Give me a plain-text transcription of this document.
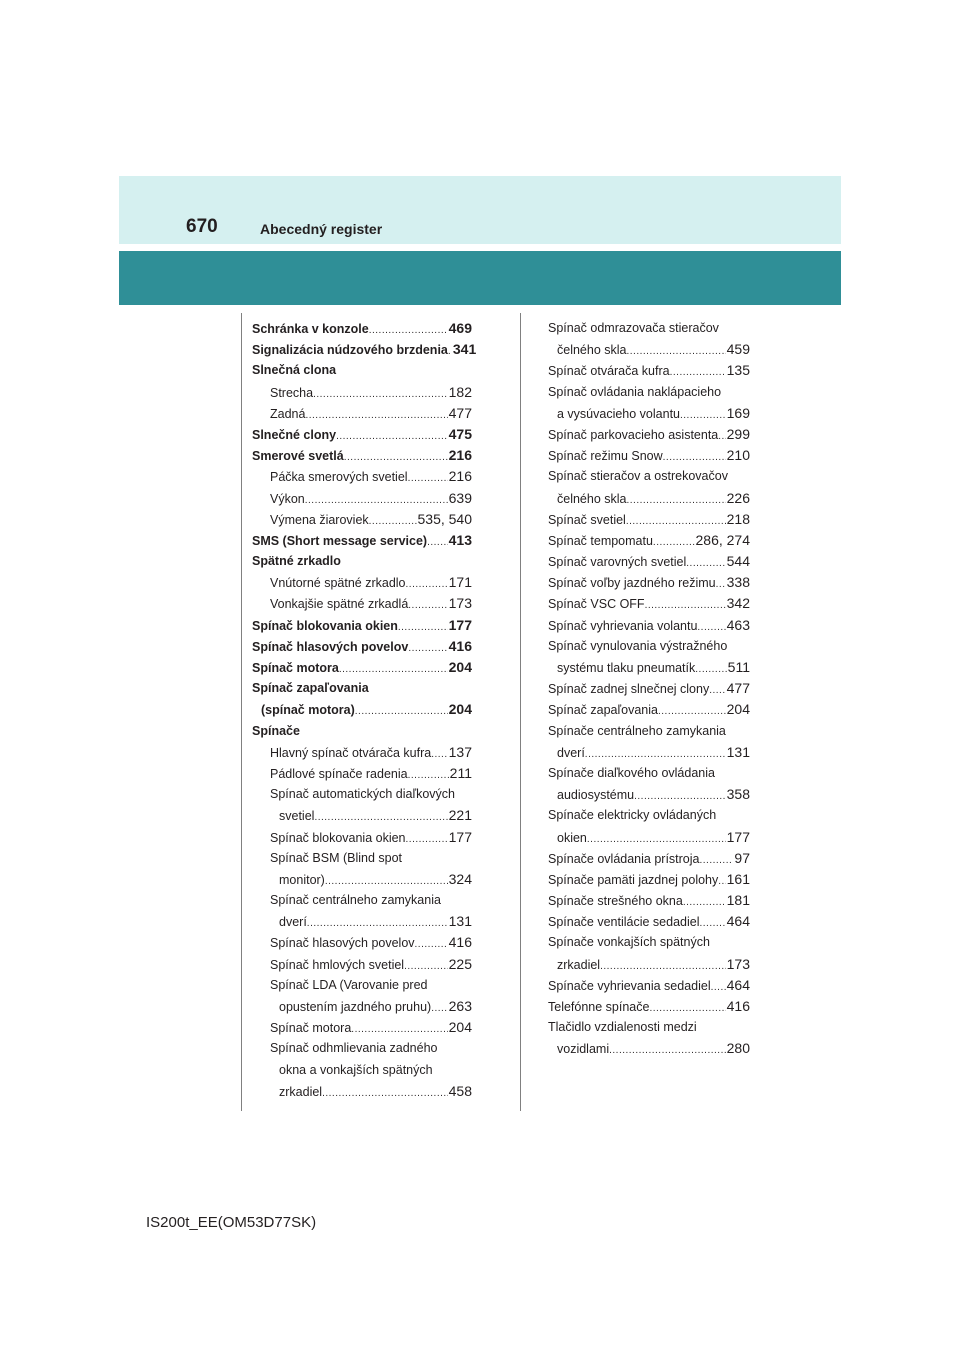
670	Abecedný register
Schránka v konzole .....	469
Signalizácia núdzového brzdenia ..... 341
Slnečná clona
Strecha .....	182
Zadná .....	477
Slnečné clony .....	475
Smerové svetlá .....	216
Páčka smerových svetiel .....	216
Výkon .....	639
Výmena žiaroviek .....	535, 540
SMS (Short message service) ..... 413
Spätné zrkadlo
Vnútorné spätné zrkadlo .....	171
Vonkajšie spätné zrkadlá .....	173
Spínač blokovania okien .....	177
Spínač hlasových povelov .....	416
Spínač motora .....	204
Spínač zapaľovania
(spínač motora) .....	204
Spínače
Hlavný spínač otvárača kufra ..... 137
Pádlové spínače radenia .....	211
Spínač automatických diaľkových
svetiel .....	221
Spínač blokovania okien .....	177
Spínač BSM (Blind spot
monitor) .....	324
Spínač centrálneho zamykania
dverí .....	131
Spínač hlasových povelov ..... 416
Spínač hmlových svetiel .....	225
Spínač LDA (Varovanie pred
opustením jazdného pruhu) ..... 263
Spínač motora .....	204
Spínač odhmlievania zadného
okna a vonkajších spätných
zrkadiel .....	458
Spínač odmrazovača stieračov
čelného skla .....	459
Spínač otvárača kufra .....	135
Spínač ovládania naklápacieho
a vysúvacieho volantu .....	169
Spínač parkovacieho asistenta ..... 299
Spínač režimu Snow .....	210
Spínač stieračov a ostrekovačov
čelného skla .....	226
Spínač svetiel .....	218
Spínač tempomatu .....	286, 274
Spínač varovných svetiel .....	544
Spínač voľby jazdného režimu ..... 338
Spínač VSC OFF .....	342
Spínač vyhrievania volantu ..... 463
Spínač vynulovania výstražného
systému tlaku pneumatík ..... 511
Spínač zadnej slnečnej clony ..... 477
Spínač zapaľovania .....	204
Spínače centrálneho zamykania
dverí .....	131
Spínače diaľkového ovládania
audiosystému .....	358
Spínače elektricky ovládaných
okien .....	177
Spínače ovládania prístroja ..... 97
Spínače pamäti jazdnej polohy ..... 161
Spínače strešného okna .....	181
Spínače ventilácie sedadiel ..... 464
Spínače vonkajších spätných
zrkadiel .....	173
Spínače vyhrievania sedadiel ..... 464
Telefónne spínače .....	416
Tlačidlo vzdialenosti medzi
vozidlami .....	280
IS200t_EE(OM53D77SK)
